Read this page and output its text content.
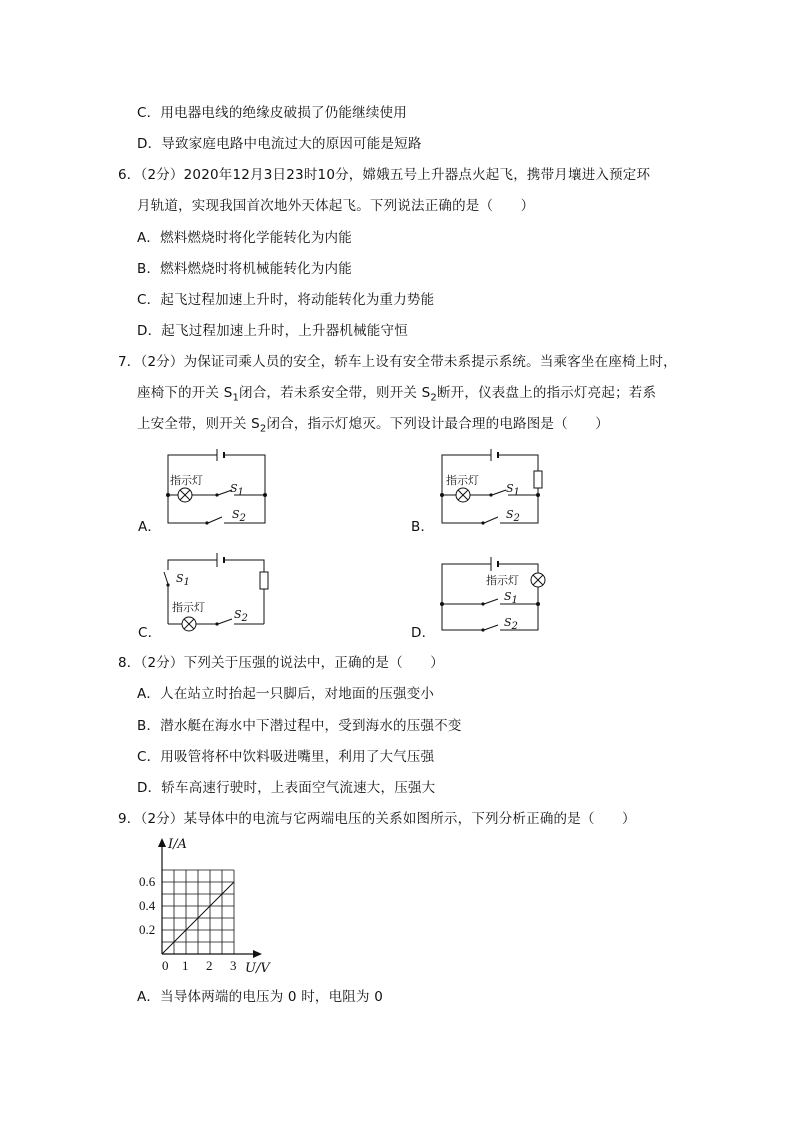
C．用电器电线的绝缘皮破损了仍能继续使用
D．导致家庭电路中电流过大的原因可能是短路
6．（2分）2020年12月3日23时10分，嫦娥五号上升器点火起飞，携带月壤进入预定环
月轨道，实现我国首次地外天体起飞。下列说法正确的是（　　）
A．燃料燃烧时将化学能转化为内能
B．燃料燃烧时将机械能转化为内能
C．起飞过程加速上升时，将动能转化为重力势能
D．起飞过程加速上升时，上升器机械能守恒
7．（2分）为保证司乘人员的安全，轿车上设有安全带未系提示系统。当乘客坐在座椅上时，
座椅下的开关 $S_1$闭合，若未系安全带，则开关 $S_2$断开，仪表盘上的指示灯亮起；若系
上安全带，则开关 $S_2$闭合，指示灯熄灭。下列设计最合理的电路图是（　　）
A．
指示灯
S1
S2
B．
指示灯
S1
S2
C．
S1
指示灯
S2
D．
指示灯
S1
S2
8．（2分）下列关于压强的说法中，正确的是（　　）
A．人在站立时抬起一只脚后，对地面的压强变小
B．潜水艇在海水中下潜过程中，受到海水的压强不变
C．用吸管将杯中饮料吸进嘴里，利用了大气压强
D．轿车高速行驶时，上表面空气流速大，压强大
9．（2分）某导体中的电流与它两端电压的关系如图所示，下列分析正确的是（　　）
0 1 2 3
0.2
0.4
0.6
I/A
U/V
A．当导体两端的电压为 0 时，电阻为 0
